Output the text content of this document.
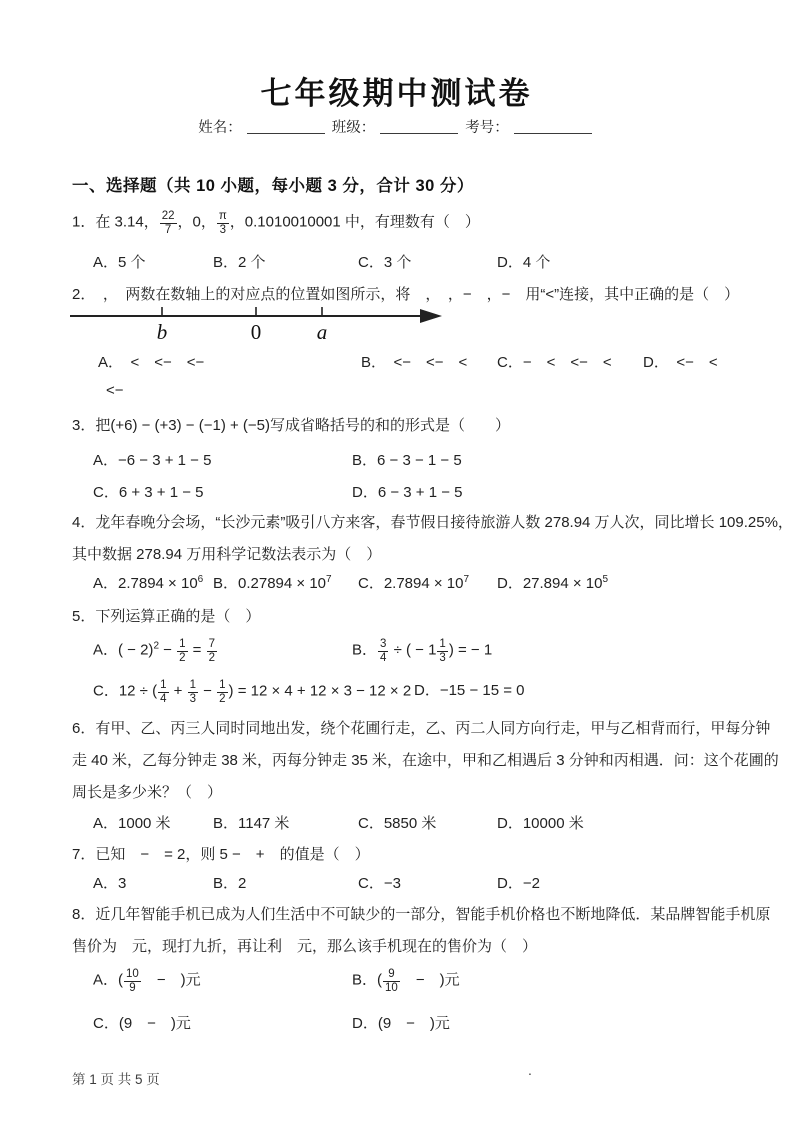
七年级期中测试卷
姓名：	班级：	考号：
一、选择题（共 10 小题，每小题 3 分，合计 30 分）
1．在 3.14， $\frac{22}{7}$ ，0， $\frac{\pi}{3}$ ，0.1010010001 中，有理数有（　）
A．5 个	B．2 个	C．3 个	D．4 个
2．　，　两数在数轴上的对应点的位置如图所示，将　，　，−　，−　用“<”连接，其中正确的是（　）
b	0	a
A．　<　<−　<−	B．　<−　<−　< C．−　<　<−　< D．　<−　<
<−
3．把(+6) − (+3) − (−1) + (−5)写成省略括号的和的形式是（　　）
A．−6 − 3 + 1 − 5	B．6 − 3 − 1 − 5
C．6 + 3 + 1 − 5	D．6 − 3 + 1 − 5
4．龙年春晚分会场，“长沙元素”吸引八方来客，春节假日接待旅游人数 278.94 万人次，同比增长 109.25%，
其中数据 278.94 万用科学记数法表示为（　）
A．$2.7894 \times 10^6$ B．$0.27894 \times 10^7$ C．$2.7894 \times 10^7$ D．$27.894 \times 10^5$
5．下列运算正确的是（　）
A．( − $2)^2 - \frac{1}{2} = \frac{7}{2}$	B． $\frac{3}{4}$ ÷ ( − $1 \frac{1}{3}$ ) = − 1
C．12 ÷ ( $\frac{1}{4} + \frac{1}{3} - \frac{1}{2}$ ) = 12 × 4 + 12 × 3 − 12 × 2 D．−15 − 15 = 0
6．有甲、乙、丙三人同时同地出发，绕个花圃行走，乙、丙二人同方向行走，甲与乙相背而行，甲每分钟
走 40 米，乙每分钟走 38 米，丙每分钟走 35 米，在途中，甲和乙相遇后 3 分钟和丙相遇．问：这个花圃的
周长是多少米？（　）
A．1000 米	B．1147 米	C．5850 米	D．10000 米
7．已知　−　= 2，则 5 −　+　的值是（　）
A．3	B．2	C．−3	D．−2
8．近几年智能手机已成为人们生活中不可缺少的一部分，智能手机价格也不断地降低．某品牌智能手机原
售价为　元，现打九折，再让利　元，那么该手机现在的售价为（　）
A．( $\frac{10}{9}$ 　−　)元	B．( $\frac{9}{10}$ 　−　)元
C．(9　−　)元	D．(9　−　)元
第 1 页 共 5 页
.
